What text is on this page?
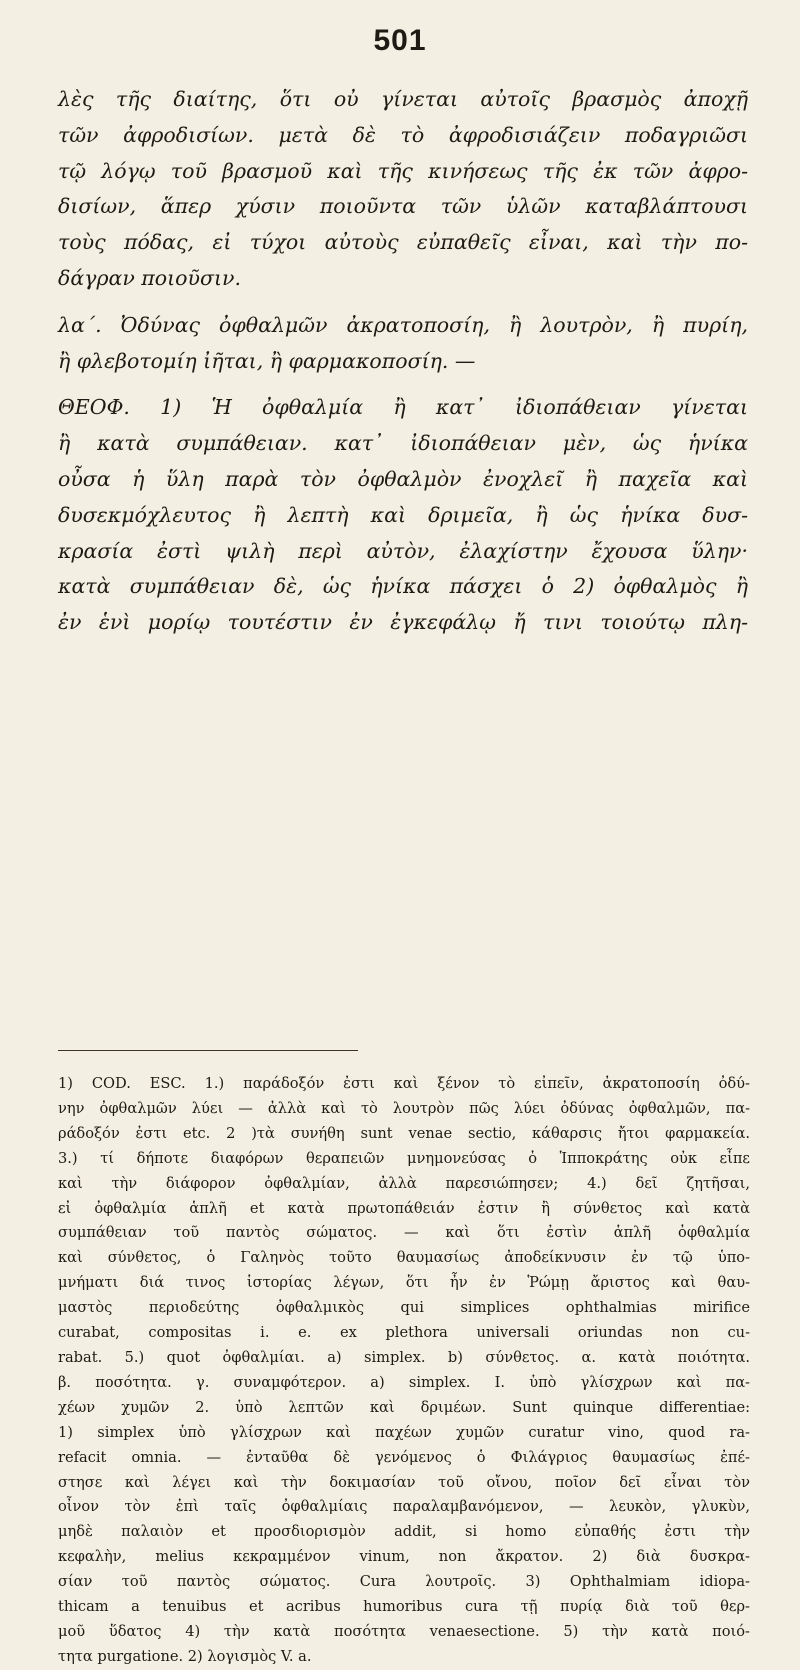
501

λὲς τῆς διαίτης, ὅτι οὐ γίνεται αὐτοῖς βρασμὸς ἀποχῇ
τῶν ἀφροδισίων. μετὰ δὲ τὸ ἀφροδισιάζειν ποδαγριῶσι
τῷ λόγῳ τοῦ βρασμοῦ καὶ τῆς κινήσεως τῆς ἐκ τῶν ἀφρο-
δισίων, ἅπερ χύσιν ποιοῦντα τῶν ὑλῶν καταβλάπτουσι
τοὺς πόδας, εἰ τύχοι αὐτοὺς εὐπαθεῖς εἶναι, καὶ τὴν πο-
δάγραν ποιοῦσιν.

λα΄. Ὀδύνας ὀφθαλμῶν ἀκρατοποσίη, ἢ λουτρὸν, ἢ πυρίη,
ἢ φλεβοτομίη ἰῆται, ἢ φαρμακοποσίη. —

ΘΕΟΦ. 1) Ἡ ὀφθαλμία ἢ κατ᾽ ἰδιοπάθειαν γίνεται
ἢ κατὰ συμπάθειαν. κατ᾽ ἰδιοπάθειαν μὲν, ὡς ἡνίκα
οὖσα ἡ ὕλη παρὰ τὸν ὀφθαλμὸν ἐνοχλεῖ ἢ παχεῖα καὶ
δυσεκμόχλευτος ἢ λεπτὴ καὶ δριμεῖα, ἢ ὡς ἡνίκα δυσ-
κρασία ἐστὶ ψιλὴ περὶ αὐτὸν, ἐλαχίστην ἔχουσα ὕλην·
κατὰ συμπάθειαν δὲ, ὡς ἡνίκα πάσχει ὁ 2) ὀφθαλμὸς ἢ
ἐν ἑνὶ μορίῳ τουτέστιν ἐν ἐγκεφάλῳ ἤ τινι τοιούτῳ πλη-

1) COD. ESC. 1.) παράδοξόν ἐστι καὶ ξένον τὸ εἰπεῖν, ἀκρατοποσίη ὀδύ-
νην ὀφθαλμῶν λύει — ἀλλὰ καὶ τὸ λουτρὸν πῶς λύει ὀδύνας ὀφθαλμῶν, πα-
ράδοξόν ἐστι etc. 2 )τὰ συνήθη sunt venae sectio, κάθαρσις ἤτοι φαρμακεία.
3.) τί δήποτε διαφόρων θεραπειῶν μνημονεύσας ὁ Ἱπποκράτης οὐκ εἶπε
καὶ τὴν διάφορον ὀφθαλμίαν, ἀλλὰ παρεσιώπησεν; 4.) δεῖ ζητῆσαι,
εἰ ὀφθαλμία ἁπλῆ et κατὰ πρωτοπάθειάν ἐστιν ἢ σύνθετος καὶ κατὰ
συμπάθειαν τοῦ παντὸς σώματος. — καὶ ὅτι ἐστὶν ἁπλῆ ὀφθαλμία
καὶ σύνθετος, ὁ Γαληνὸς τοῦτο θαυμασίως ἀποδείκνυσιν ἐν τῷ ὑπο-
μνήματι διά τινος ἱστορίας λέγων, ὅτι ἦν ἐν Ῥώμῃ ἄριστος καὶ θαυ-
μαστὸς περιοδεύτης ὀφθαλμικὸς qui simplices ophthalmias mirifice
curabat, compositas i. e. ex plethora universali oriundas non cu-
rabat. 5.) quot ὀφθαλμίαι. a) simplex. b) σύνθετος. α. κατὰ ποιότητα.
β. ποσότητα. γ. συναμφότερον. a) simplex. I. ὑπὸ γλίσχρων καὶ πα-
χέων χυμῶν 2. ὑπὸ λεπτῶν καὶ δριμέων. Sunt quinque differentiae:
1) simplex ὑπὸ γλίσχρων καὶ παχέων χυμῶν curatur vino, quod ra-
refacit omnia. — ἐνταῦθα δὲ γενόμενος ὁ Φιλάγριος θαυμασίως ἐπέ-
στησε καὶ λέγει καὶ τὴν δοκιμασίαν τοῦ οἴνου, ποῖον δεῖ εἶναι τὸν
οἶνον τὸν ἐπὶ ταῖς ὀφθαλμίαις παραλαμβανόμενον, — λευκὸν, γλυκὺν,
μηδὲ παλαιὸν et προσδιορισμὸν addit, si homo εὐπαθής ἐστι τὴν
κεφαλὴν, melius κεκραμμένον vinum, non ἄκρατον. 2) διὰ δυσκρα-
σίαν τοῦ παντὸς σώματος. Cura λουτροῖς. 3) Ophthalmiam idiopa-
thicam a tenuibus et acribus humoribus cura τῇ πυρίᾳ διὰ τοῦ θερ-
μοῦ ὕδατος 4) τὴν κατὰ ποσότητα venaesectione. 5) τὴν κατὰ ποιό-
τητα purgatione. 2) λογισμὸς V. a.
